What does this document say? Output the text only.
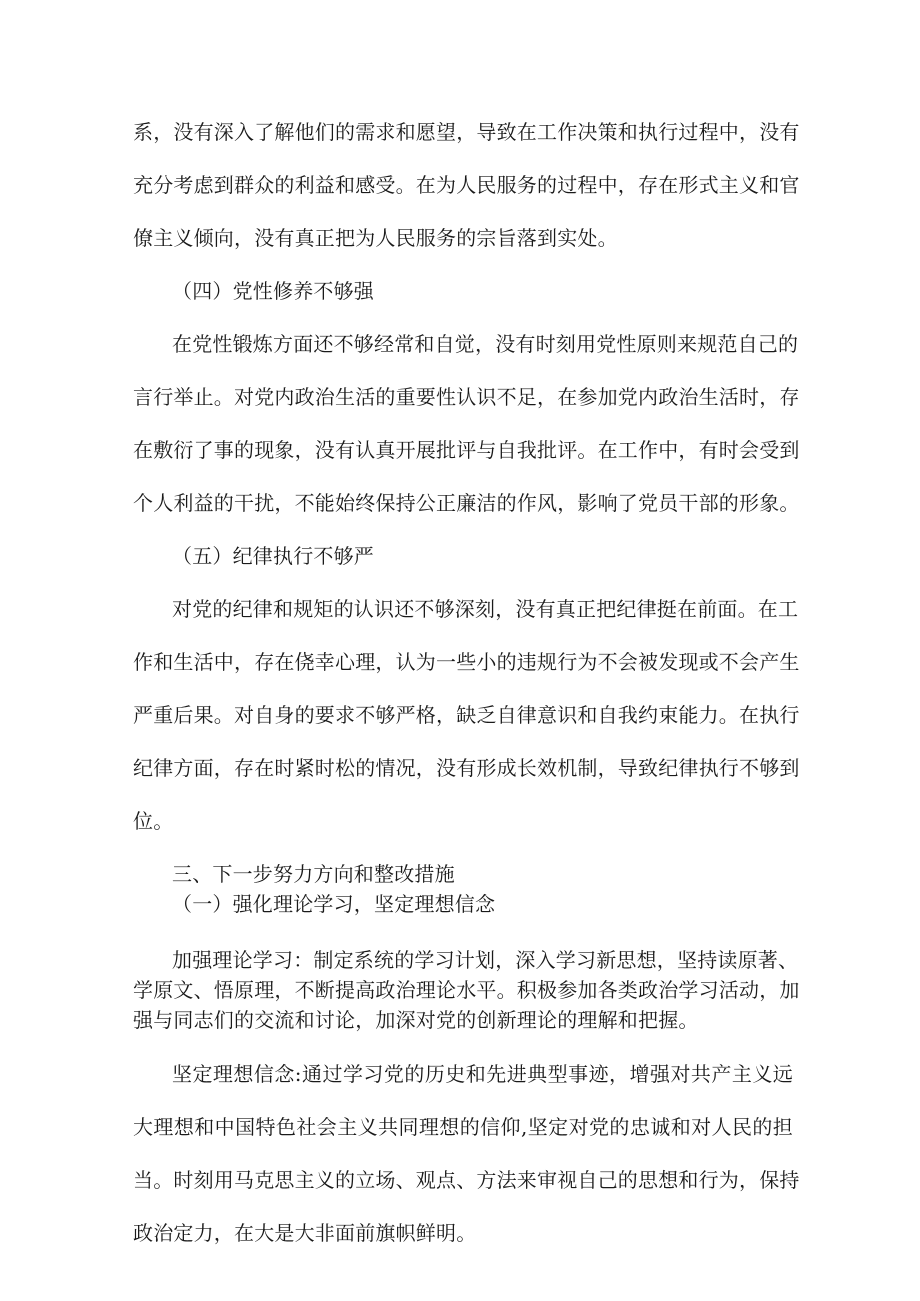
系，没有深入了解他们的需求和愿望，导致在工作决策和执行过程中，没有

充分考虑到群众的利益和感受。在为人民服务的过程中，存在形式主义和官

僚主义倾向，没有真正把为人民服务的宗旨落到实处。

（四）党性修养不够强

在党性锻炼方面还不够经常和自觉，没有时刻用党性原则来规范自己的

言行举止。对党内政治生活的重要性认识不足，在参加党内政治生活时，存

在敷衍了事的现象，没有认真开展批评与自我批评。在工作中，有时会受到

个人利益的干扰，不能始终保持公正廉洁的作风，影响了党员干部的形象。

（五）纪律执行不够严

对党的纪律和规矩的认识还不够深刻，没有真正把纪律挺在前面。在工

作和生活中，存在侥幸心理，认为一些小的违规行为不会被发现或不会产生

严重后果。对自身的要求不够严格，缺乏自律意识和自我约束能力。在执行

纪律方面，存在时紧时松的情况，没有形成长效机制，导致纪律执行不够到

位。

三、下一步努力方向和整改措施

（一）强化理论学习，坚定理想信念

加强理论学习：制定系统的学习计划，深入学习新思想，坚持读原著、

学原文、悟原理，不断提高政治理论水平。积极参加各类政治学习活动，加

强与同志们的交流和讨论，加深对党的创新理论的理解和把握。

坚定理想信念:通过学习党的历史和先进典型事迹，增强对共产主义远

大理想和中国特色社会主义共同理想的信仰,坚定对党的忠诚和对人民的担

当。时刻用马克思主义的立场、观点、方法来审视自己的思想和行为，保持

政治定力，在大是大非面前旗帜鲜明。
